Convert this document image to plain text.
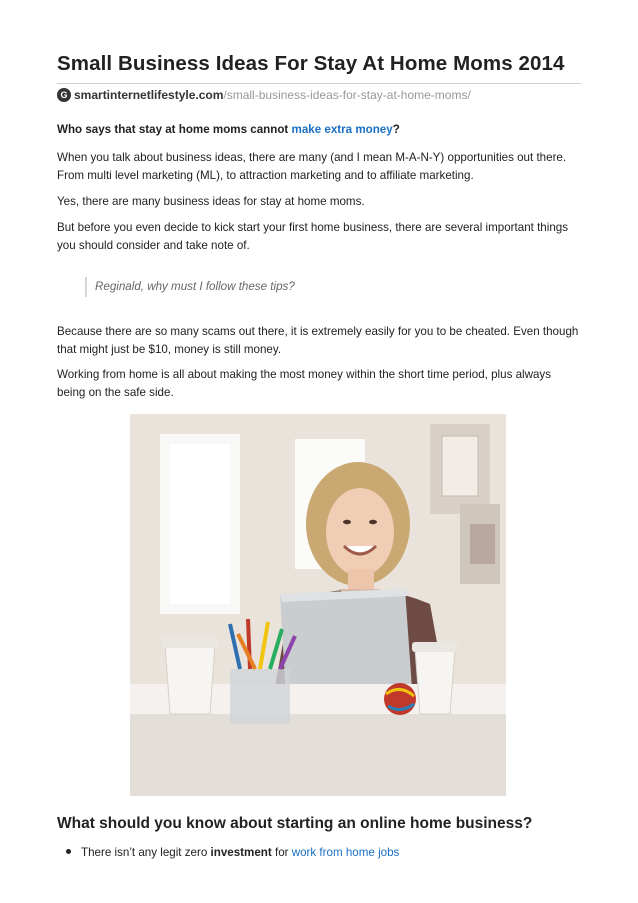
Small Business Ideas For Stay At Home Moms 2014
G smartinternetlifestyle.com /small-business-ideas-for-stay-at-home-moms/

Who says that stay at home moms cannot make extra money?

When you talk about business ideas, there are many (and I mean M-A-N-Y) opportunities out there. From multi level marketing (ML), to attraction marketing and to affiliate marketing.

Yes, there are many business ideas for stay at home moms.

But before you even decide to kick start your first home business, there are several important things you should consider and take note of.

Reginald, why must I follow these tips?

Because there are so many scams out there, it is extremely easily for you to be cheated. Even though that might just be $10, money is still money.

Working from home is all about making the most money within the short time period, plus always being on the safe side.

What should you know about starting an online home business?
There isn’t any legit zero investment for work from home jobs
